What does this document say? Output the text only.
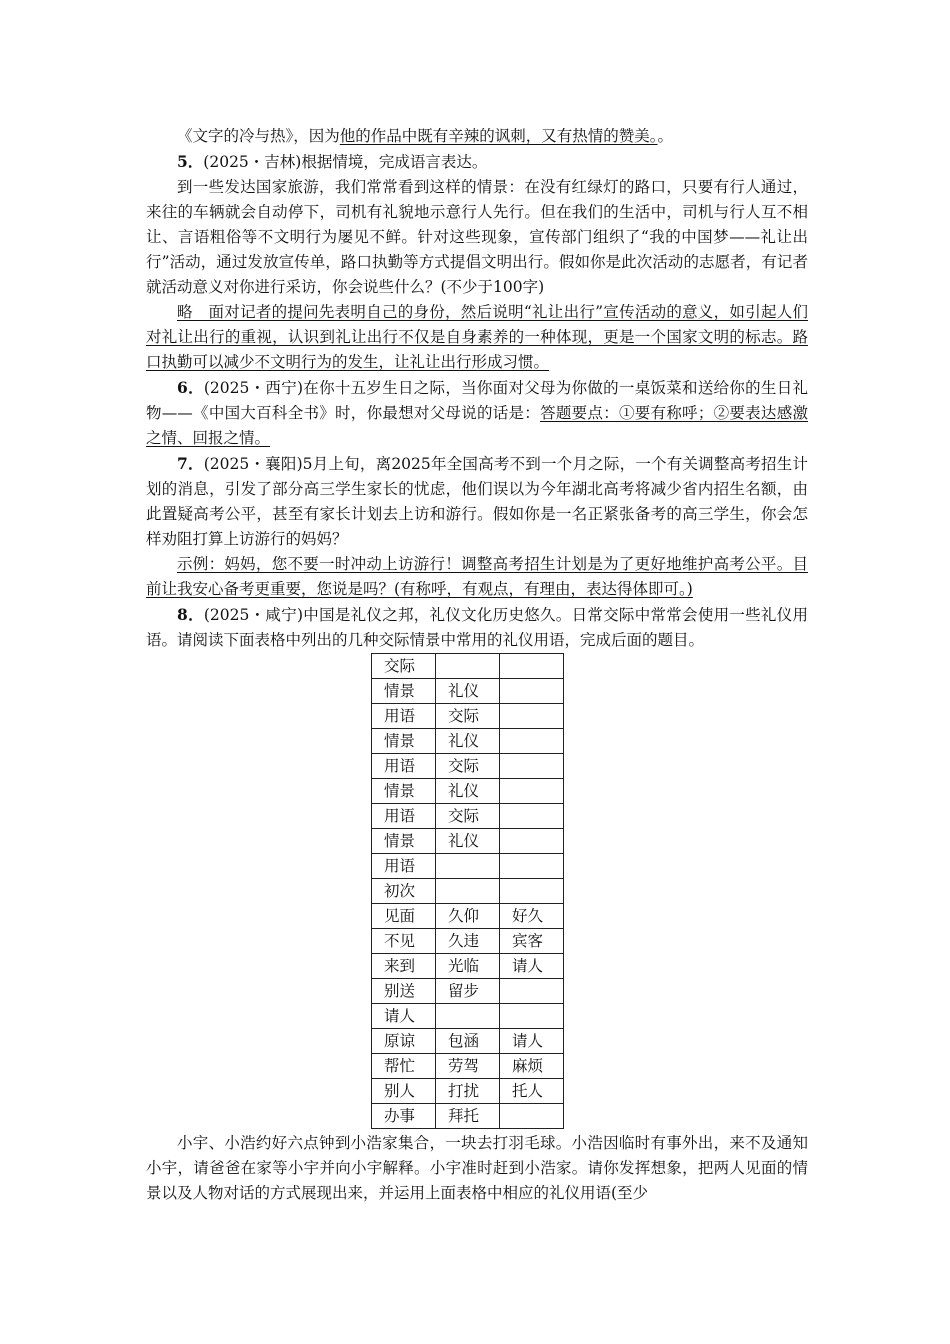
《文字的冷与热》，因为他的作品中既有辛辣的讽刺，又有热情的赞美。。

5．(2025・吉林)根据情境，完成语言表达。

到一些发达国家旅游，我们常常看到这样的情景：在没有红绿灯的路口，只要有行人通过，来往的车辆就会自动停下，司机有礼貌地示意行人先行。但在我们的生活中，司机与行人互不相让、言语粗俗等不文明行为屡见不鲜。针对这些现象，宣传部门组织了“我的中国梦——礼让出行”活动，通过发放宣传单，路口执勤等方式提倡文明出行。假如你是此次活动的志愿者，有记者就活动意义对你进行采访，你会说些什么？(不少于100字)

略　面对记者的提问先表明自己的身份，然后说明“礼让出行”宣传活动的意义，如引起人们对礼让出行的重视，认识到礼让出行不仅是自身素养的一种体现，更是一个国家文明的标志。路口执勤可以减少不文明行为的发生，让礼让出行形成习惯。

6．(2025・西宁)在你十五岁生日之际，当你面对父母为你做的一桌饭菜和送给你的生日礼物——《中国大百科全书》时，你最想对父母说的话是：答题要点：①要有称呼；②要表达感激之情、回报之情。

7．(2025・襄阳)5月上旬，离2025年全国高考不到一个月之际，一个有关调整高考招生计划的消息，引发了部分高三学生家长的忧虑，他们误以为今年湖北高考将减少省内招生名额，由此置疑高考公平，甚至有家长计划去上访和游行。假如你是一名正紧张备考的高三学生，你会怎样劝阻打算上访游行的妈妈？

示例：妈妈，您不要一时冲动上访游行！调整高考招生计划是为了更好地维护高考公平。目前让我安心备考更重要，您说是吗？(有称呼，有观点，有理由，表达得体即可。)

8．(2025・咸宁)中国是礼仪之邦，礼仪文化历史悠久。日常交际中常常会使用一些礼仪用语。请阅读下面表格中列出的几种交际情景中常用的礼仪用语，完成后面的题目。

交际		
情景	礼仪	
用语	交际	
情景	礼仪	
用语	交际	
情景	礼仪	
用语	交际	
情景	礼仪	
用语		
初次		
见面	久仰	好久
不见	久违	宾客
来到	光临	请人
别送	留步	
请人		
原谅	包涵	请人
帮忙	劳驾	麻烦
别人	打扰	托人
办事	拜托	

小宇、小浩约好六点钟到小浩家集合，一块去打羽毛球。小浩因临时有事外出，来不及通知小宇，请爸爸在家等小宇并向小宇解释。小宇准时赶到小浩家。请你发挥想象，把两人见面的情景以及人物对话的方式展现出来，并运用上面表格中相应的礼仪用语(至少
